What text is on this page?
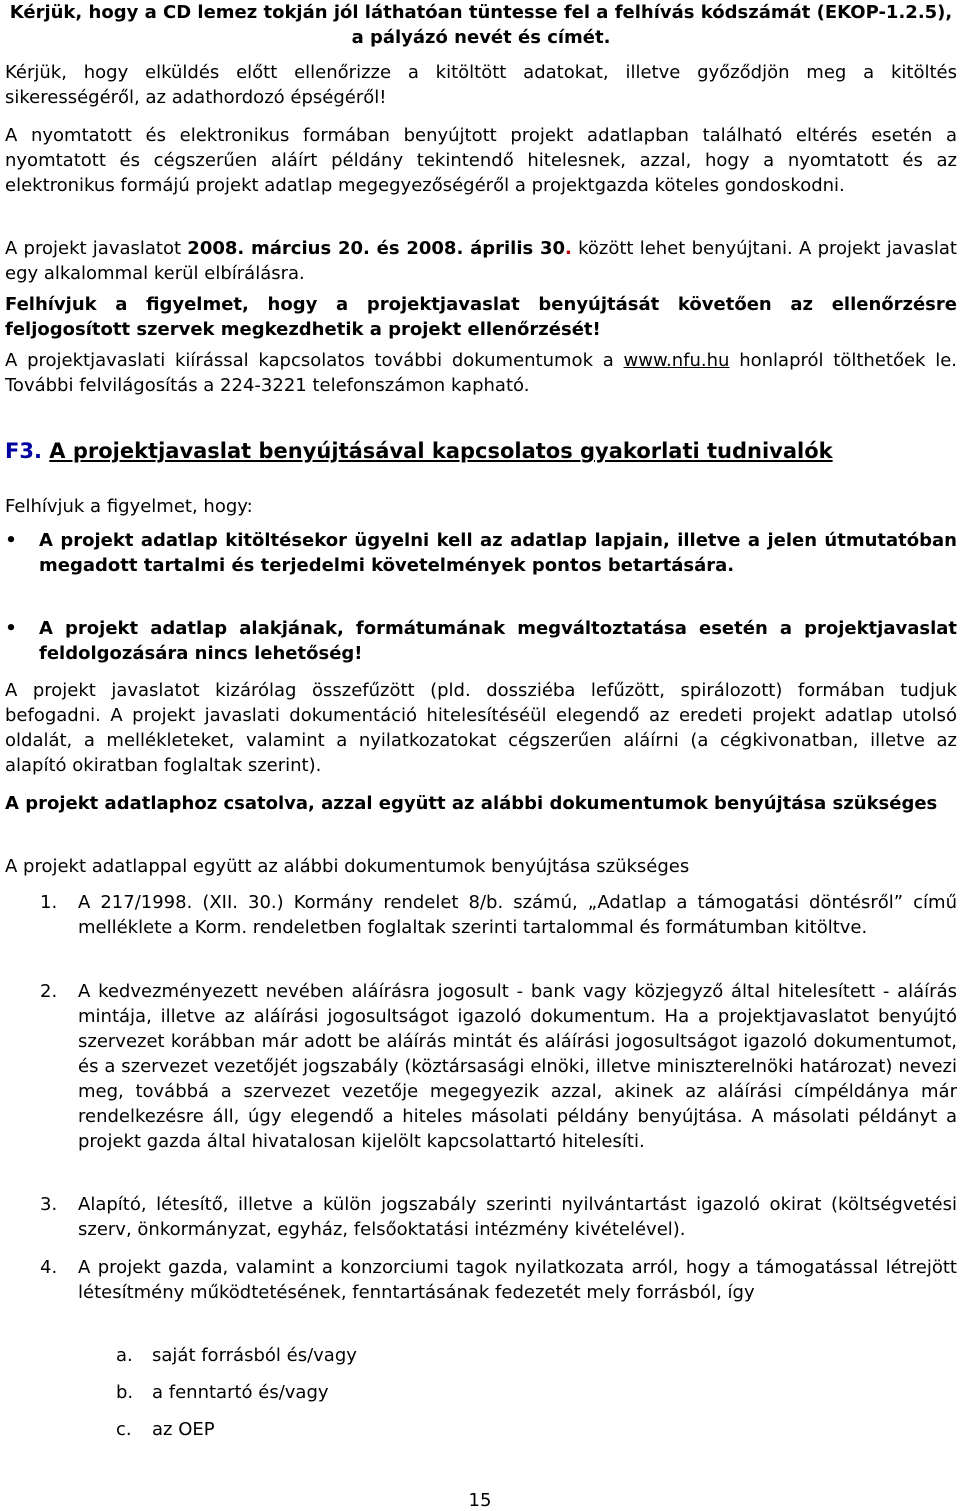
Kérjük, hogy a CD lemez tokján jól láthatóan tüntesse fel a felhívás kódszámát (EKOP-1.2.5), a pályázó nevét és címét.

Kérjük, hogy elküldés előtt ellenőrizze a kitöltött adatokat, illetve győződjön meg a kitöltés sikerességéről, az adathordozó épségéről!

A nyomtatott és elektronikus formában benyújtott projekt adatlapban található eltérés esetén a nyomtatott és cégszerűen aláírt példány tekintendő hitelesnek, azzal, hogy a nyomtatott és az elektronikus formájú projekt adatlap megegyezőségéről a projektgazda köteles gondoskodni.

A projekt javaslatot 2008. március 20. és 2008. április 30. között lehet benyújtani. A projekt javaslat egy alkalommal kerül elbírálásra.

Felhívjuk a figyelmet, hogy a projektjavaslat benyújtását követően az ellenőrzésre feljogosított szervek megkezdhetik a projekt ellenőrzését!

A projektjavaslati kiírással kapcsolatos további dokumentumok a www.nfu.hu honlapról tölthetőek le. További felvilágosítás a 224-3221 telefonszámon kapható.

F3. A projektjavaslat benyújtásával kapcsolatos gyakorlati tudnivalók

Felhívjuk a figyelmet, hogy:

• A projekt adatlap kitöltésekor ügyelni kell az adatlap lapjain, illetve a jelen útmutatóban megadott tartalmi és terjedelmi követelmények pontos betartására.

• A projekt adatlap alakjának, formátumának megváltoztatása esetén a projektjavaslat feldolgozására nincs lehetőség!

A projekt javaslatot kizárólag összefűzött (pld. dossziéba lefűzött, spirálozott) formában tudjuk befogadni. A projekt javaslati dokumentáció hitelesítéséül elegendő az eredeti projekt adatlap utolsó oldalát, a mellékleteket, valamint a nyilatkozatokat cégszerűen aláírni (a cégkivonatban, illetve az alapító okiratban foglaltak szerint).

A projekt adatlaphoz csatolva, azzal együtt az alábbi dokumentumok benyújtása szükséges

A projekt adatlappal együtt az alábbi dokumentumok benyújtása szükséges

1. A 217/1998. (XII. 30.) Kormány rendelet 8/b. számú, „Adatlap a támogatási döntésről” című melléklete a Korm. rendeletben foglaltak szerinti tartalommal és formátumban kitöltve.

2. A kedvezményezett nevében aláírásra jogosult - bank vagy közjegyző által hitelesített - aláírás mintája, illetve az aláírási jogosultságot igazoló dokumentum. Ha a projektjavaslatot benyújtó szervezet korábban már adott be aláírás mintát és aláírási jogosultságot igazoló dokumentumot, és a szervezet vezetőjét jogszabály (köztársasági elnöki, illetve miniszterelnöki határozat) nevezi meg, továbbá a szervezet vezetője megegyezik azzal, akinek az aláírási címpéldánya már rendelkezésre áll, úgy elegendő a hiteles másolati példány benyújtása. A másolati példányt a projekt gazda által hivatalosan kijelölt kapcsolattartó hitelesíti.

3. Alapító, létesítő, illetve a külön jogszabály szerinti nyilvántartást igazoló okirat (költségvetési szerv, önkormányzat, egyház, felsőoktatási intézmény kivételével).

4. A projekt gazda, valamint a konzorciumi tagok nyilatkozata arról, hogy a támogatással létrejött létesítmény működtetésének, fenntartásának fedezetét mely forrásból, így

a. saját forrásból és/vagy

b. a fenntartó és/vagy

c. az OEP

15
